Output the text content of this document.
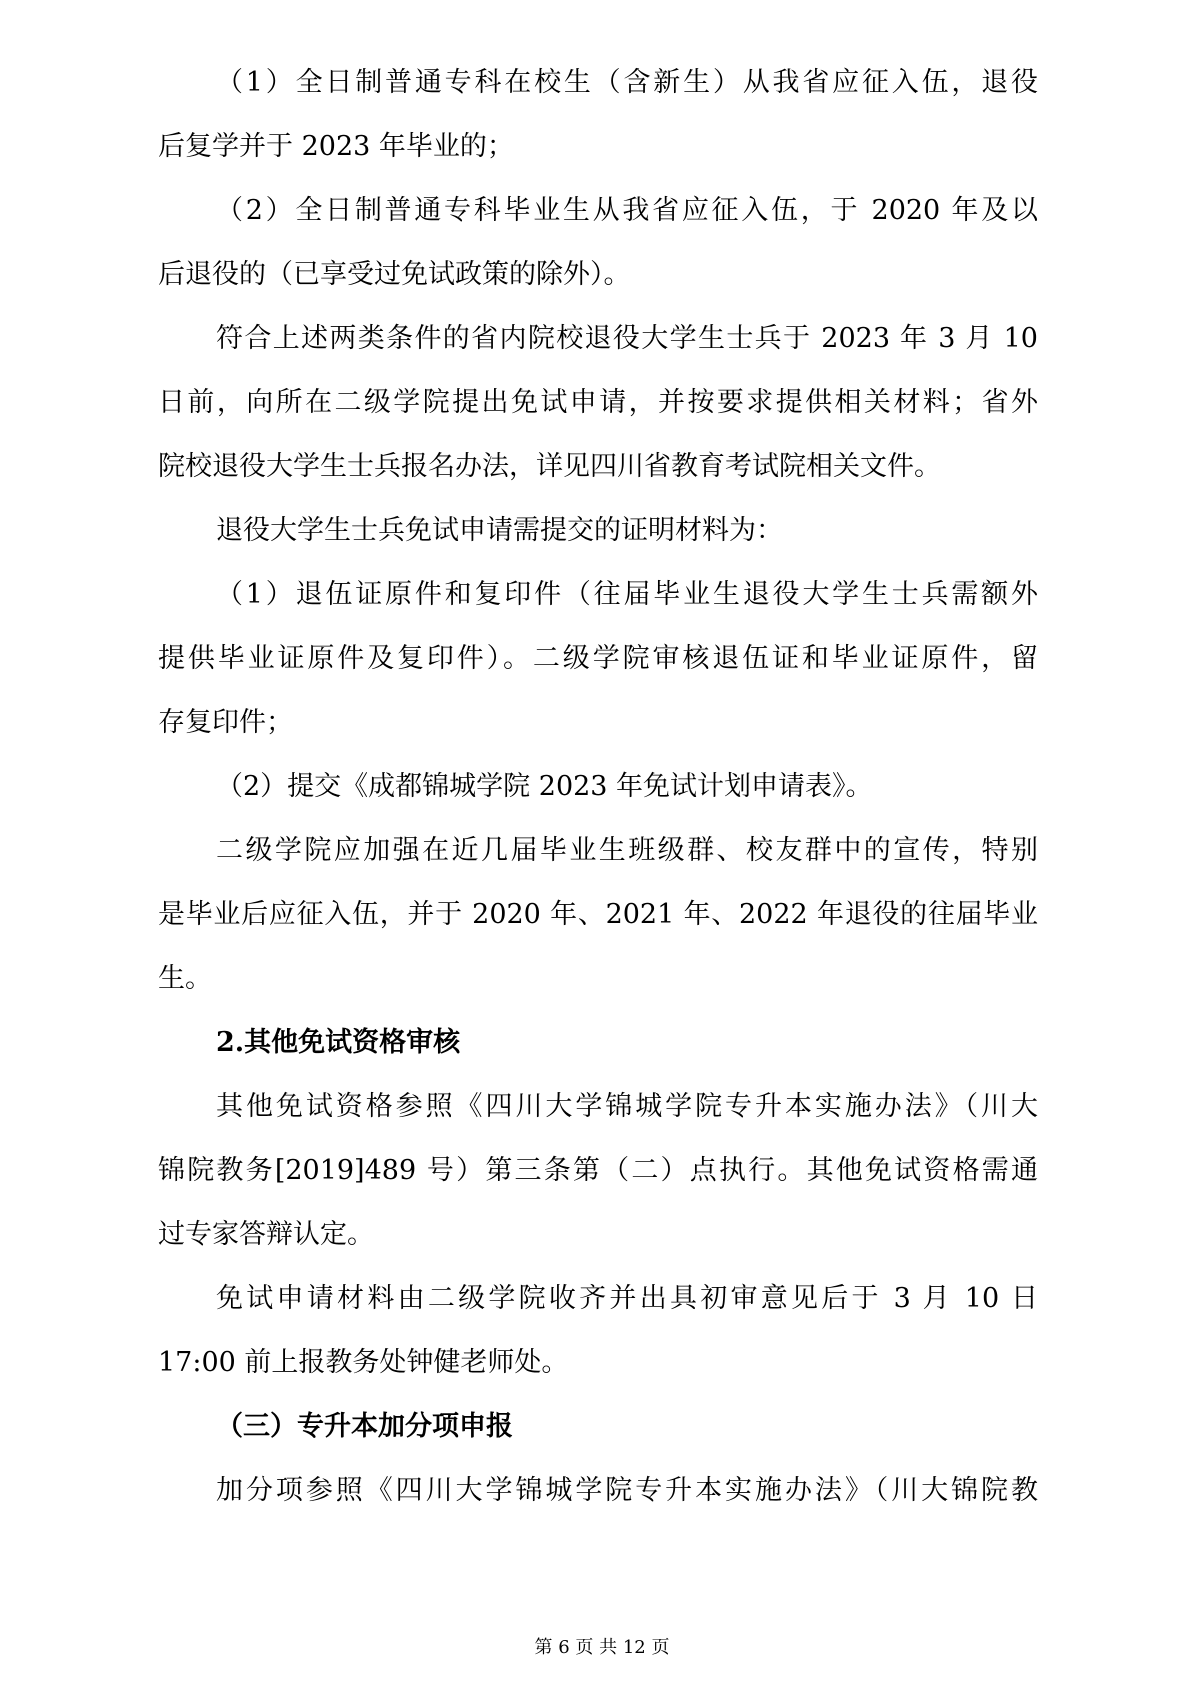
（1）全日制普通专科在校生（含新生）从我省应征入伍，退役
后复学并于 2023 年毕业的；
（2）全日制普通专科毕业生从我省应征入伍，于 2020 年及以
后退役的（已享受过免试政策的除外）。
符合上述两类条件的省内院校退役大学生士兵于 2023 年 3 月 10
日前，向所在二级学院提出免试申请，并按要求提供相关材料；省外
院校退役大学生士兵报名办法，详见四川省教育考试院相关文件。
退役大学生士兵免试申请需提交的证明材料为：
（1）退伍证原件和复印件（往届毕业生退役大学生士兵需额外
提供毕业证原件及复印件）。二级学院审核退伍证和毕业证原件，留
存复印件；
（2）提交《成都锦城学院 2023 年免试计划申请表》。
二级学院应加强在近几届毕业生班级群、校友群中的宣传，特别
是毕业后应征入伍，并于 2020 年、2021 年、2022 年退役的往届毕业
生。
2.其他免试资格审核
其他免试资格参照《四川大学锦城学院专升本实施办法》（川大
锦院教务[2019]489 号）第三条第（二）点执行。其他免试资格需通
过专家答辩认定。
免试申请材料由二级学院收齐并出具初审意见后于 3 月 10 日
17:00 前上报教务处钟健老师处。
（三）专升本加分项申报
加分项参照《四川大学锦城学院专升本实施办法》（川大锦院教
第 6 页 共 12 页
